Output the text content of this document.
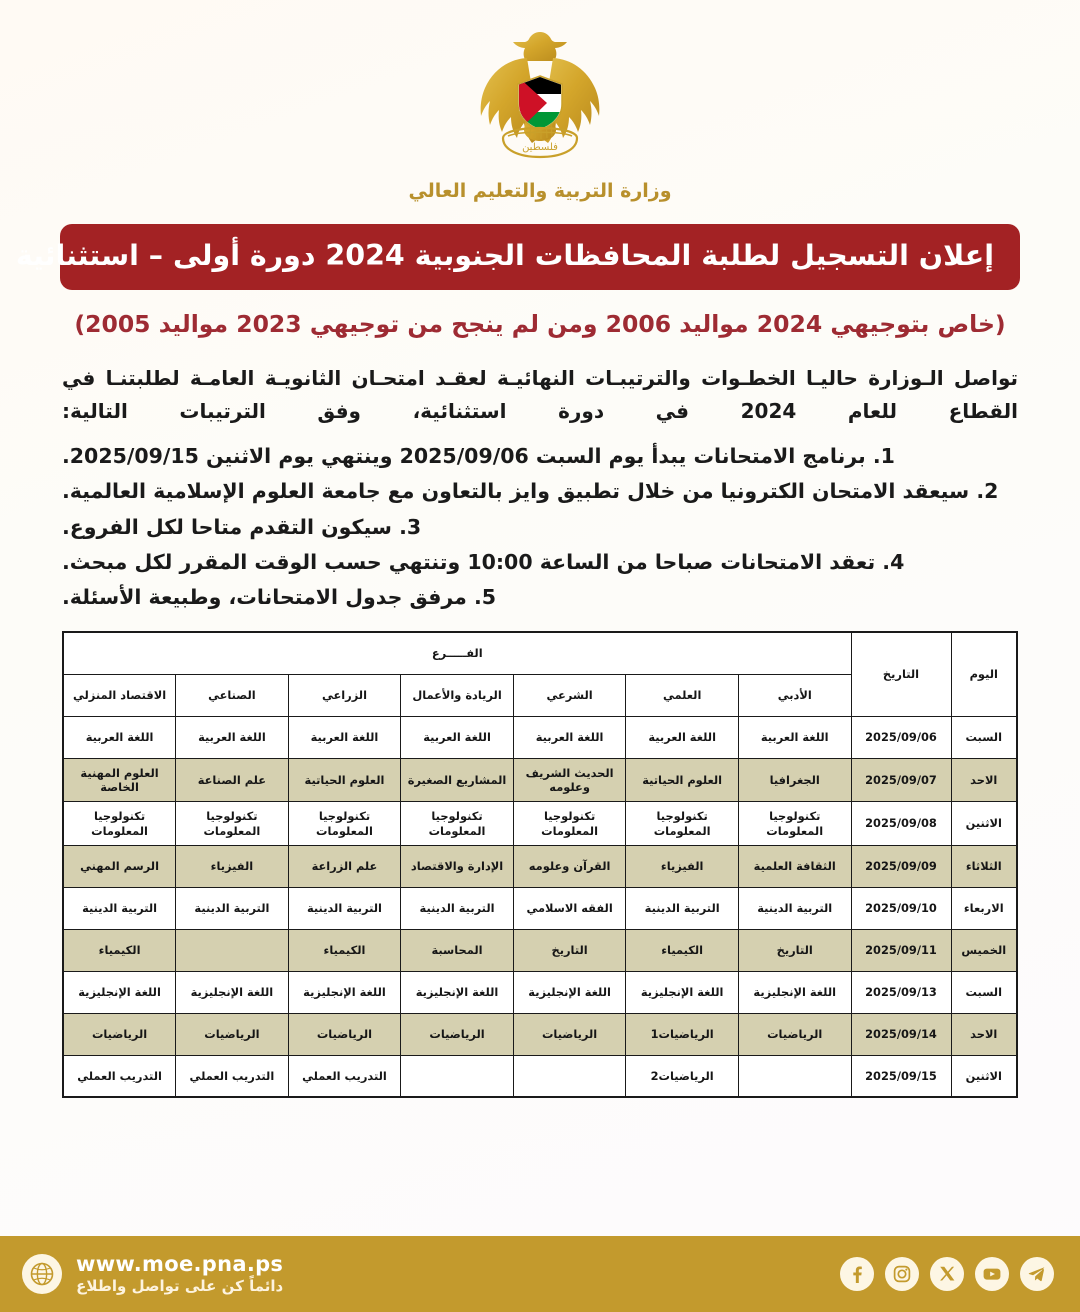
فلسطين
وزارة التربية والتعليم العالي
إعلان التسجيل لطلبة المحافظات الجنوبية 2024 دورة أولى – استثنائية
(خاص بتوجيهي 2024 مواليد 2006 ومن لم ينجح من توجيهي 2023 مواليد 2005)
تواصل الـوزارة حاليـا الخطـوات والترتيبـات النهائيـة لعقـد امتحـان الثانويـة العامـة لطلبتنـا في القطاع للعام 2024 في دورة استثنائية، وفق الترتيبات التالية:
1. برنامج الامتحانات يبدأ يوم السبت 2025/09/06 وينتهي يوم الاثنين 2025/09/15.
2. سيعقد الامتحان الكترونيا من خلال تطبيق وايز بالتعاون مع جامعة العلوم الإسلامية العالمية.
3. سيكون التقدم متاحا لكل الفروع.
4. تعقد الامتحانات صباحا من الساعة 10:00 وتنتهي حسب الوقت المقرر لكل مبحث.
5. مرفق جدول الامتحانات، وطبيعة الأسئلة.
اليوم	التاريخ	الفـــــرع						
		الأدبي	العلمي	الشرعي	الريادة والأعمال	الزراعي	الصناعي	الاقتصاد المنزلي
السبت	2025/09/06	اللغة العربية	اللغة العربية	اللغة العربية	اللغة العربية	اللغة العربية	اللغة العربية	اللغة العربية
الاحد	2025/09/07	الجغرافيا	العلوم الحياتية	الحديث الشريف وعلومه	المشاريع الصغيرة	العلوم الحياتية	علم الصناعة	العلوم المهنية الخاصة
الاثنين	2025/09/08	تكنولوجيا المعلومات	تكنولوجيا المعلومات	تكنولوجيا المعلومات	تكنولوجيا المعلومات	تكنولوجيا المعلومات	تكنولوجيا المعلومات	تكنولوجيا المعلومات
الثلاثاء	2025/09/09	الثقافة العلمية	الفيزياء	القرآن وعلومه	الإدارة والاقتصاد	علم الزراعة	الفيزياء	الرسم المهني
الاربعاء	2025/09/10	التربية الدينية	التربية الدينية	الفقه الاسلامي	التربية الدينية	التربية الدينية	التربية الدينية	التربية الدينية
الخميس	2025/09/11	التاريخ	الكيمياء	التاريخ	المحاسبة	الكيمياء		الكيمياء
السبت	2025/09/13	اللغة الإنجليزية	اللغة الإنجليزية	اللغة الإنجليزية	اللغة الإنجليزية	اللغة الإنجليزية	اللغة الإنجليزية	اللغة الإنجليزية
الاحد	2025/09/14	الرياضيات	الرياضيات1	الرياضيات	الرياضيات	الرياضيات	الرياضيات	الرياضيات
الاثنين	2025/09/15		الرياضيات2			التدريب العملي	التدريب العملي	التدريب العملي
www.moe.pna.ps
دائماً كن على تواصل واطلاع
